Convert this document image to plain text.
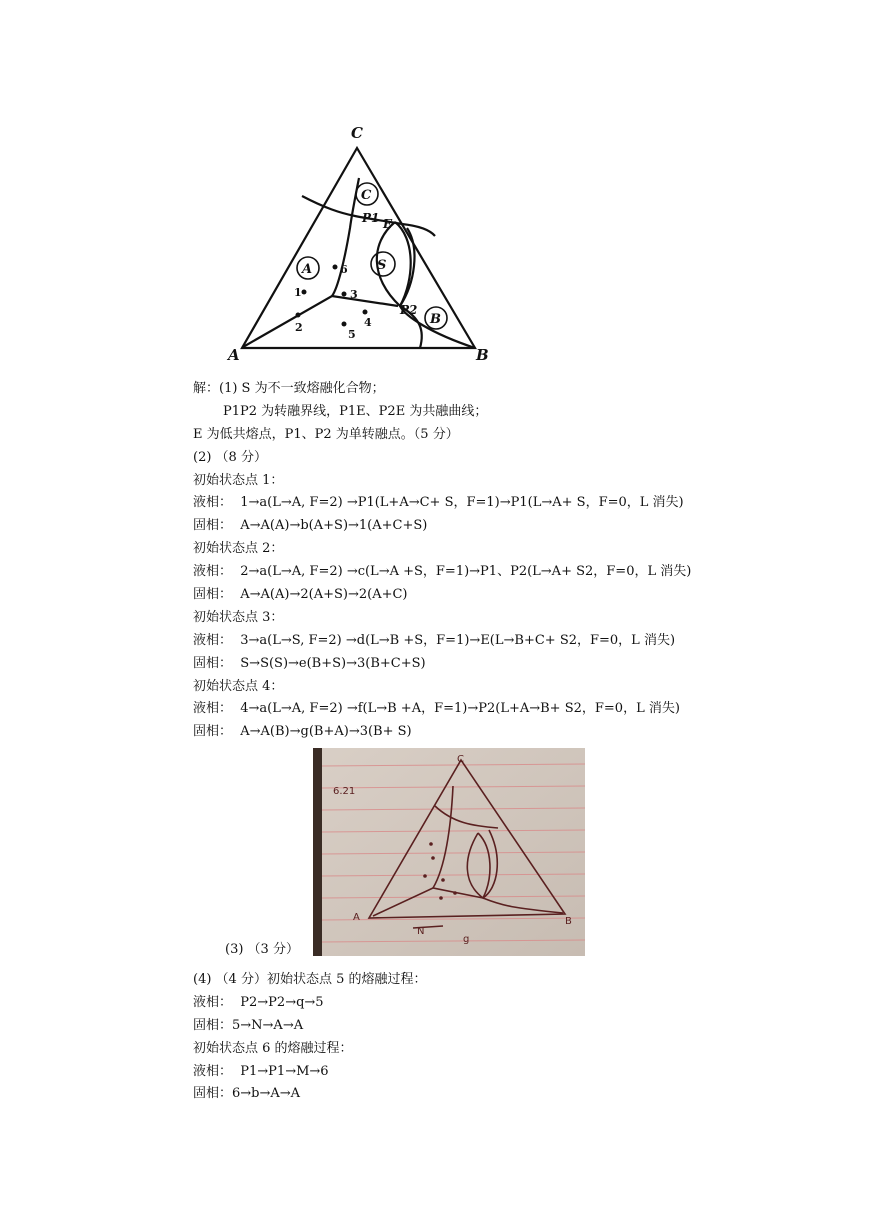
C
A	B
C
A	S
B
P1 E
P2
1
2
3
4
5
6
解：(1) S 为不一致熔融化合物；
P1P2 为转融界线，P1E、P2E 为共融曲线；
E 为低共熔点，P1、P2 为单转融点。（5 分）
(2) （8 分）
初始状态点 1：
液相：  1→a(L→A, F=2) →P1(L+A→C+ S，F=1)→P1(L→A+ S，F=0，L 消失)
固相：  A→A(A)→b(A+S)→1(A+C+S)
初始状态点 2：
液相：  2→a(L→A, F=2) →c(L→A +S，F=1)→P1、P2(L→A+ S2，F=0，L 消失)
固相：  A→A(A)→2(A+S)→2(A+C)
初始状态点 3：
液相：  3→a(L→S, F=2) →d(L→B +S，F=1)→E(L→B+C+ S2，F=0，L 消失)
固相：  S→S(S)→e(B+S)→3(B+C+S)
初始状态点 4：
液相：  4→a(L→A, F=2) →f(L→B +A，F=1)→P2(L+A→B+ S2，F=0，L 消失)
固相：  A→A(B)→g(B+A)→3(B+ S)
(3) （3 分）
6.21
C
A	B
N
g
(4) （4 分）初始状态点 5 的熔融过程：
液相：  P2→P2→q→5
固相：5→N→A→A
初始状态点 6 的熔融过程：
液相：  P1→P1→M→6
固相：6→b→A→A
